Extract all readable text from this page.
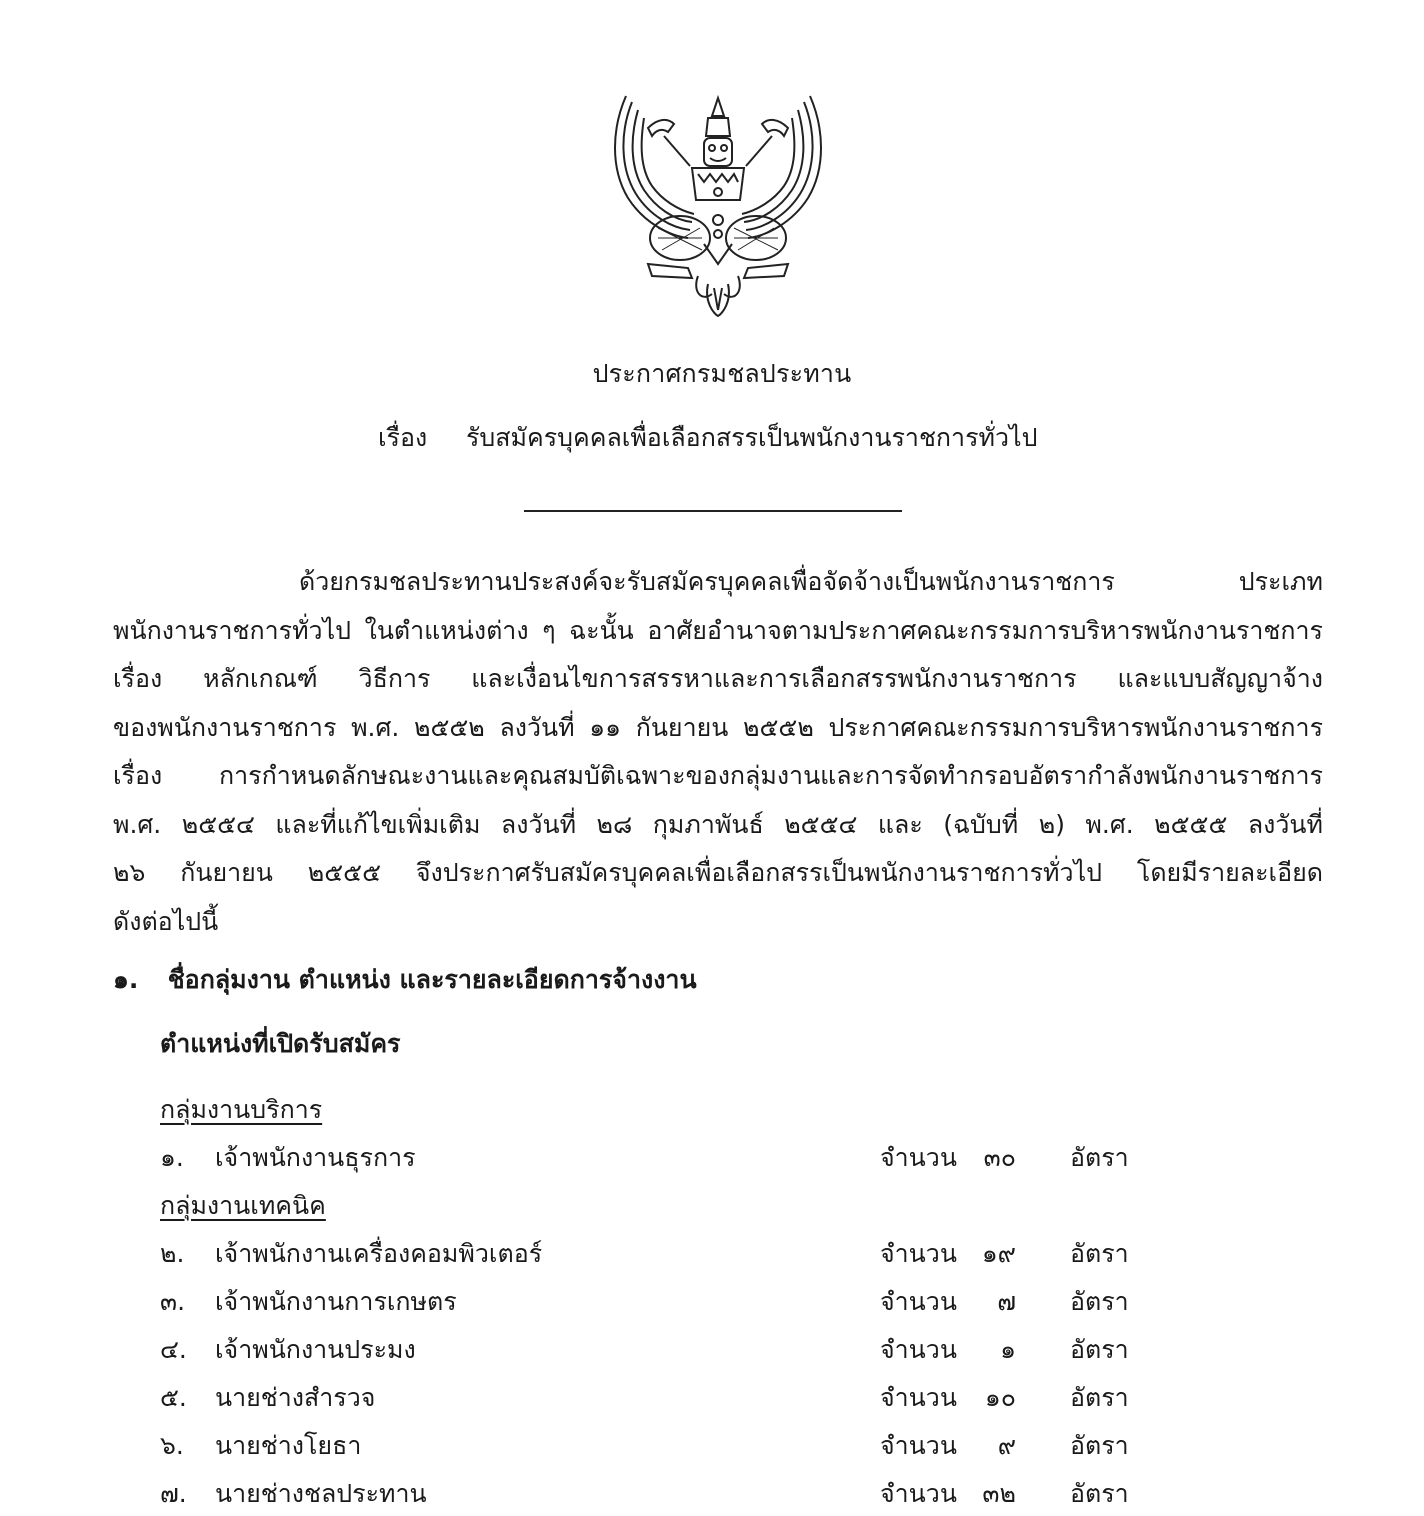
ประกาศกรมชลประทาน
เรื่อง รับสมัครบุคคลเพื่อเลือกสรรเป็นพนักงานราชการทั่วไป
ด้วยกรมชลประทานประสงค์จะรับสมัครบุคคลเพื่อจัดจ้างเป็นพนักงานราชการ ประเภท
พนักงานราชการทั่วไป ในตำแหน่งต่าง ๆ ฉะนั้น อาศัยอำนาจตามประกาศคณะกรรมการบริหารพนักงานราชการ
เรื่อง หลักเกณฑ์ วิธีการ และเงื่อนไขการสรรหาและการเลือกสรรพนักงานราชการ และแบบสัญญาจ้าง
ของพนักงานราชการ พ.ศ. ๒๕๕๒ ลงวันที่ ๑๑ กันยายน ๒๕๕๒ ประกาศคณะกรรมการบริหารพนักงานราชการ
เรื่อง การกำหนดลักษณะงานและคุณสมบัติเฉพาะของกลุ่มงานและการจัดทำกรอบอัตรากำลังพนักงานราชการ
พ.ศ. ๒๕๕๔ และที่แก้ไขเพิ่มเติม ลงวันที่ ๒๘ กุมภาพันธ์ ๒๕๕๔ และ (ฉบับที่ ๒) พ.ศ. ๒๕๕๕ ลงวันที่
๒๖ กันยายน ๒๕๕๕ จึงประกาศรับสมัครบุคคลเพื่อเลือกสรรเป็นพนักงานราชการทั่วไป โดยมีรายละเอียด
ดังต่อไปนี้
๑. ชื่อกลุ่มงาน ตำแหน่ง และรายละเอียดการจ้างงาน
ตำแหน่งที่เปิดรับสมัคร
กลุ่มงานบริการ
๑. เจ้าพนักงานธุรการ	จำนวน	๓๐ อัตรา
กลุ่มงานเทคนิค
๒. เจ้าพนักงานเครื่องคอมพิวเตอร์	จำนวน ๑๙ อัตรา
๓. เจ้าพนักงานการเกษตร	จำนวน	๗ อัตรา
๔. เจ้าพนักงานประมง	จำนวน	๑ อัตรา
๕. นายช่างสำรวจ	จำนวน	๑๐ อัตรา
๖. นายช่างโยธา	จำนวน	๙ อัตรา
๗. นายช่างชลประทาน	จำนวน	๓๒ อัตรา
